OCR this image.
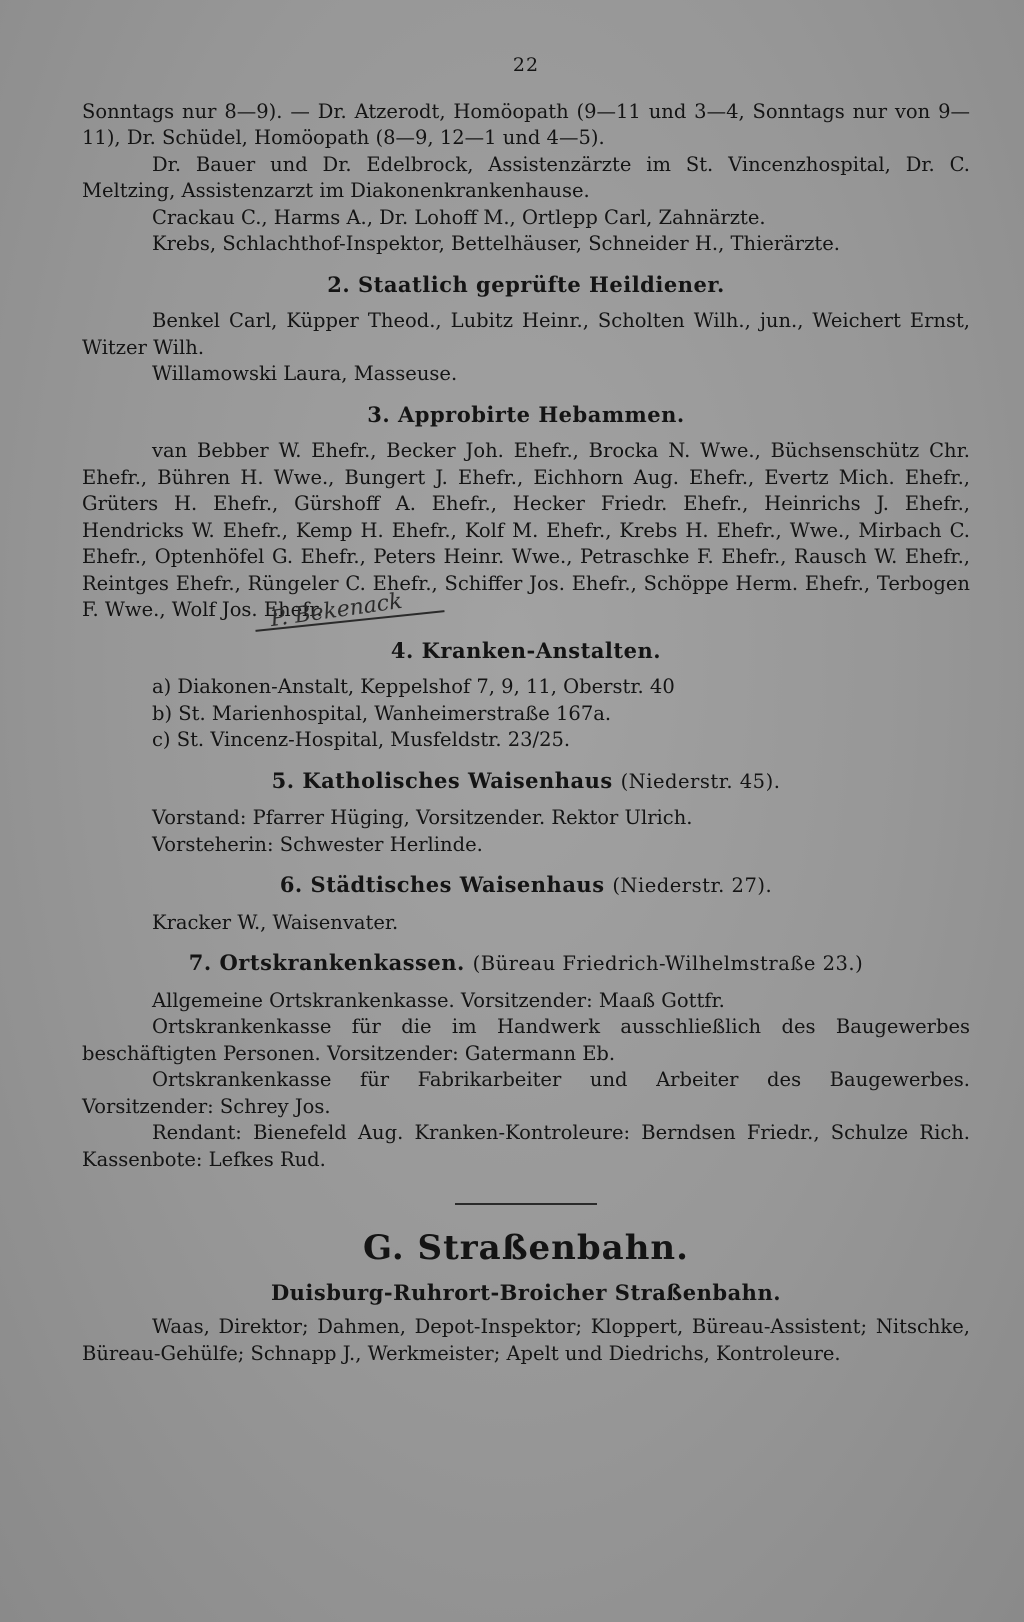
22

Sonntags nur 8—9). — Dr. Atzerodt, Homöopath (9—11 und 3—4, Sonntags nur von 9—11), Dr. Schüdel, Homöopath (8—9, 12—1 und 4—5).

Dr. Bauer und Dr. Edelbrock, Assistenzärzte im St. Vincenzhospital, Dr. C. Meltzing, Assistenzarzt im Diakonenkrankenhause.

Crackau C., Harms A., Dr. Lohoff M., Ortlepp Carl, Zahnärzte.

Krebs, Schlachthof-Inspektor, Bettelhäuser, Schneider H., Thierärzte.

2. Staatlich geprüfte Heildiener.

Benkel Carl, Küpper Theod., Lubitz Heinr., Scholten Wilh., jun., Weichert Ernst, Witzer Wilh.

Willamowski Laura, Masseuse.

3. Approbirte Hebammen.

van Bebber W. Ehefr., Becker Joh. Ehefr., Brocka N. Wwe., Büchsenschütz Chr. Ehefr., Bühren H. Wwe., Bungert J. Ehefr., Eichhorn Aug. Ehefr., Evertz Mich. Ehefr., Grüters H. Ehefr., Gürshoff A. Ehefr., Hecker Friedr. Ehefr., Heinrichs J. Ehefr., Hendricks W. Ehefr., Kemp H. Ehefr., Kolf M. Ehefr., Krebs H. Ehefr., Wwe., Mirbach C. Ehefr., Optenhöfel G. Ehefr., Peters Heinr. Wwe., Petraschke F. Ehefr., Rausch W. Ehefr., Reintges Ehefr., Rüngeler C. Ehefr., Schiffer Jos. Ehefr., Schöppe Herm. Ehefr., Terbogen F. Wwe., Wolf Jos. Ehefr.

4. Kranken-Anstalten.

a) Diakonen-Anstalt, Keppelshof 7, 9, 11, Oberstr. 40

b) St. Marienhospital, Wanheimerstraße 167a.

c) St. Vincenz-Hospital, Musfeldstr. 23/25.

5. Katholisches Waisenhaus (Niederstr. 45).

Vorstand: Pfarrer Hüging, Vorsitzender. Rektor Ulrich.

Vorsteherin: Schwester Herlinde.

6. Städtisches Waisenhaus (Niederstr. 27).

Kracker W., Waisenvater.

7. Ortskrankenkassen. (Büreau Friedrich-Wilhelmstraße 23.)

Allgemeine Ortskrankenkasse. Vorsitzender: Maaß Gottfr.

Ortskrankenkasse für die im Handwerk ausschließlich des Baugewerbes beschäftigten Personen. Vorsitzender: Gatermann Eb.

Ortskrankenkasse für Fabrikarbeiter und Arbeiter des Baugewerbes. Vorsitzender: Schrey Jos.

Rendant: Bienefeld Aug. Kranken-Kontroleure: Berndsen Friedr., Schulze Rich. Kassenbote: Lefkes Rud.

G. Straßenbahn.
Duisburg-Ruhrort-Broicher Straßenbahn.

Waas, Direktor; Dahmen, Depot-Inspektor; Kloppert, Büreau-Assistent; Nitschke, Büreau-Gehülfe; Schnapp J., Werkmeister; Apelt und Diedrichs, Kontroleure.

P. Bekenack
